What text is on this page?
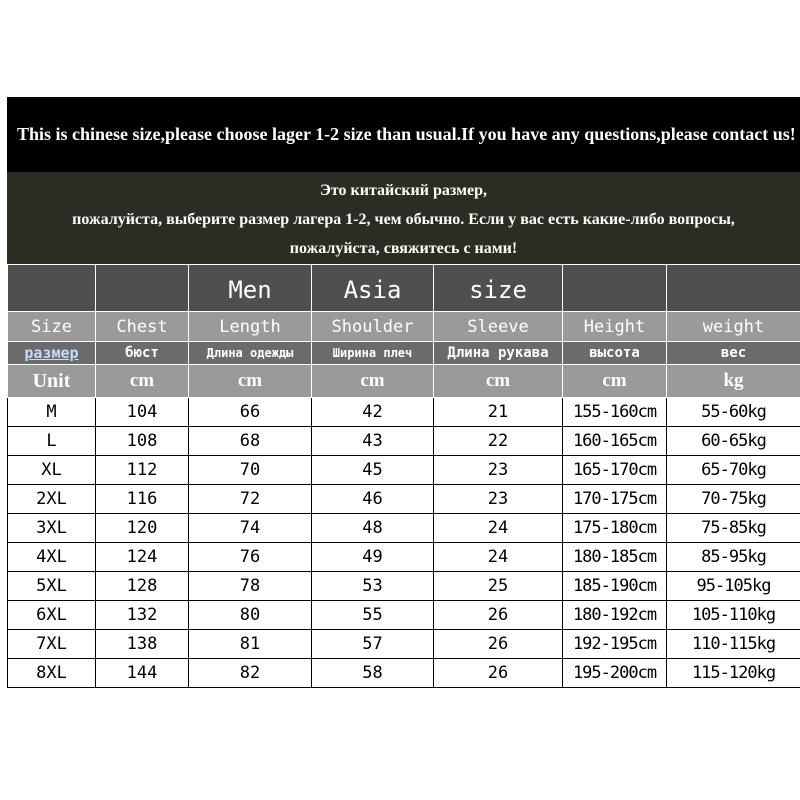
This is chinese size,please choose lager 1-2 size than usual.If you have any questions,please contact us!
Это китайский размер,
пожалуйста, выберите размер лагера 1-2, чем обычно. Если у вас есть какие-либо вопросы,
пожалуйста, свяжитесь с нами!
		Men	Asia	size		
Size	Chest	Length	Shoulder	Sleeve	Height	weight
размер	бюст	Длина одежды	Ширина плеч	Длина рукава	высота	вес
Unit	cm	cm	cm	cm	cm	kg
M	104	66	42	21	155-160cm	55-60kg
L	108	68	43	22	160-165cm	60-65kg
XL	112	70	45	23	165-170cm	65-70kg
2XL	116	72	46	23	170-175cm	70-75kg
3XL	120	74	48	24	175-180cm	75-85kg
4XL	124	76	49	24	180-185cm	85-95kg
5XL	128	78	53	25	185-190cm	95-105kg
6XL	132	80	55	26	180-192cm	105-110kg
7XL	138	81	57	26	192-195cm	110-115kg
8XL	144	82	58	26	195-200cm	115-120kg
